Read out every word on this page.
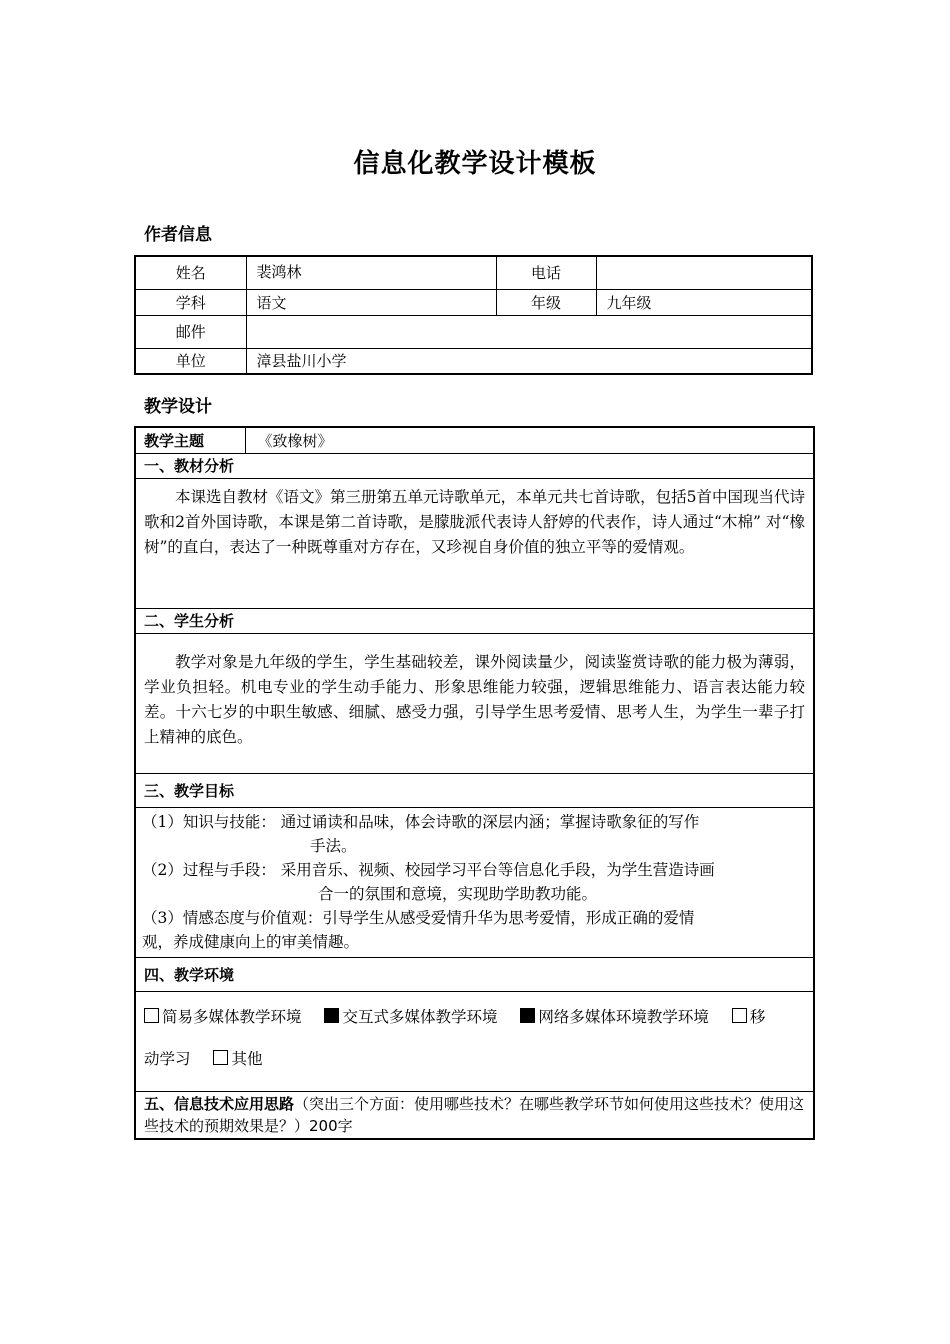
信息化教学设计模板
作者信息
姓名	裴鸿林	电话	
学科	语文	年级	九年级
邮件			
单位	漳县盐川小学		
教学设计
教学主题	《致橡树》
一、教材分析

本课选自教材《语文》第三册第五单元诗歌单元，本单元共七首诗歌，包括5首中国现当代诗歌和2首外国诗歌，本课是第二首诗歌，是朦胧派代表诗人舒婷的代表作，诗人通过“木棉” 对“橡树”的直白，表达了一种既尊重对方存在，又珍视自身价值的独立平等的爱情观。

二、学生分析

教学对象是九年级的学生，学生基础较差，课外阅读量少，阅读鉴赏诗歌的能力极为薄弱，学业负担轻。机电专业的学生动手能力、形象思维能力较强，逻辑思维能力、语言表达能力较差。十六七岁的中职生敏感、细腻、感受力强，引导学生思考爱情、思考人生，为学生一辈子打上精神的底色。

三、教学目标

（1）知识与技能： 通过诵读和品味，体会诗歌的深层内涵；掌握诗歌象征的写作
手法。
（2）过程与手段： 采用音乐、视频、校园学习平台等信息化手段，为学生营造诗画
合一的氛围和意境，实现助学助教功能。
（3）情感态度与价值观：引导学生从感受爱情升华为思考爱情，形成正确的爱情
观，养成健康向上的审美情趣。

四、教学环境

简易多媒体教学环境	交互式多媒体教学环境	网络多媒体环境教学环境	移
动学习	其他

五、信息技术应用思路（突出三个方面：使用哪些技术？在哪些教学环节如何使用这些技术？使用这些技术的预期效果是？）200字
